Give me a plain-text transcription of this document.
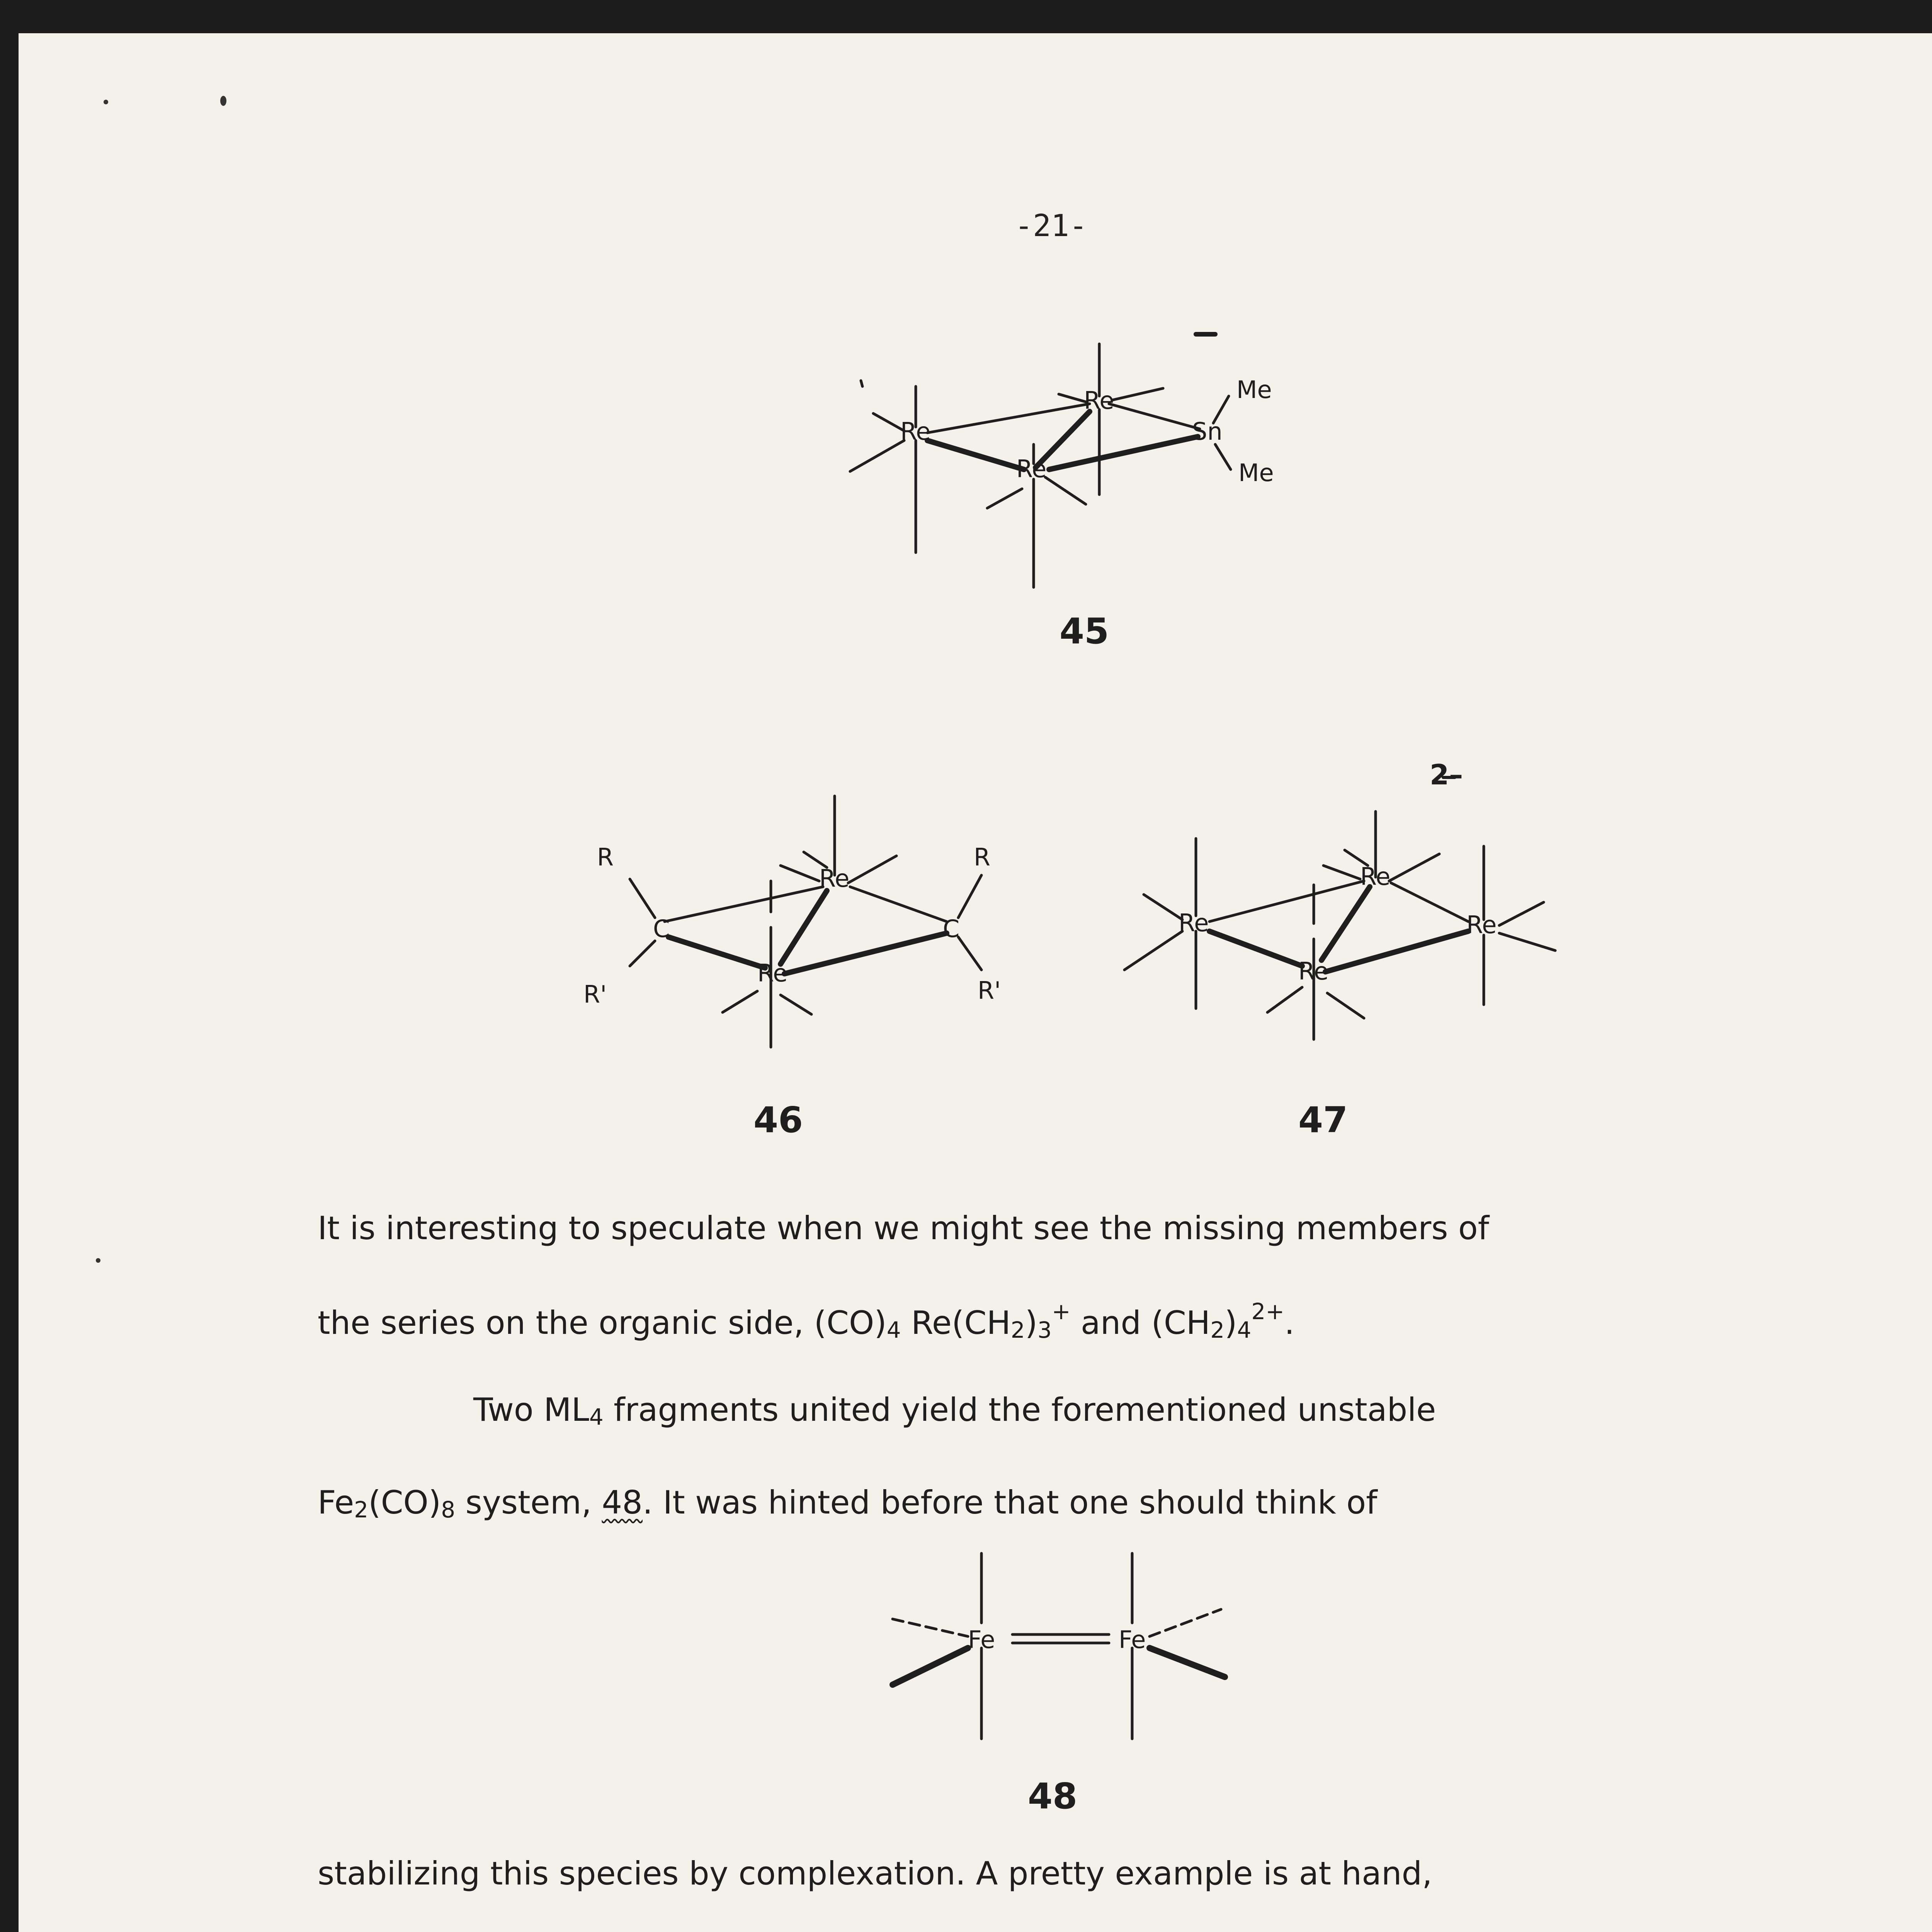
-21-
Re
Re
Re
Sn
Me
Me
45
C	C
Re
Re
R	R
R'	R'
46
Re
Re
Re
Re
2–
47
It is interesting to speculate when we might see the missing members of
the series on the organic side, $(CO)_4$ $Re(CH_2)_3^+$ and $(CH_2)_4^{2+}$.
Two $ML_4$ fragments united yield the forementioned unstable
$Fe_2(CO)_8$ system, 48. It was hinted before that one should think of
Fe	Fe
48
stabilizing this species by complexation. A pretty example is at hand,
